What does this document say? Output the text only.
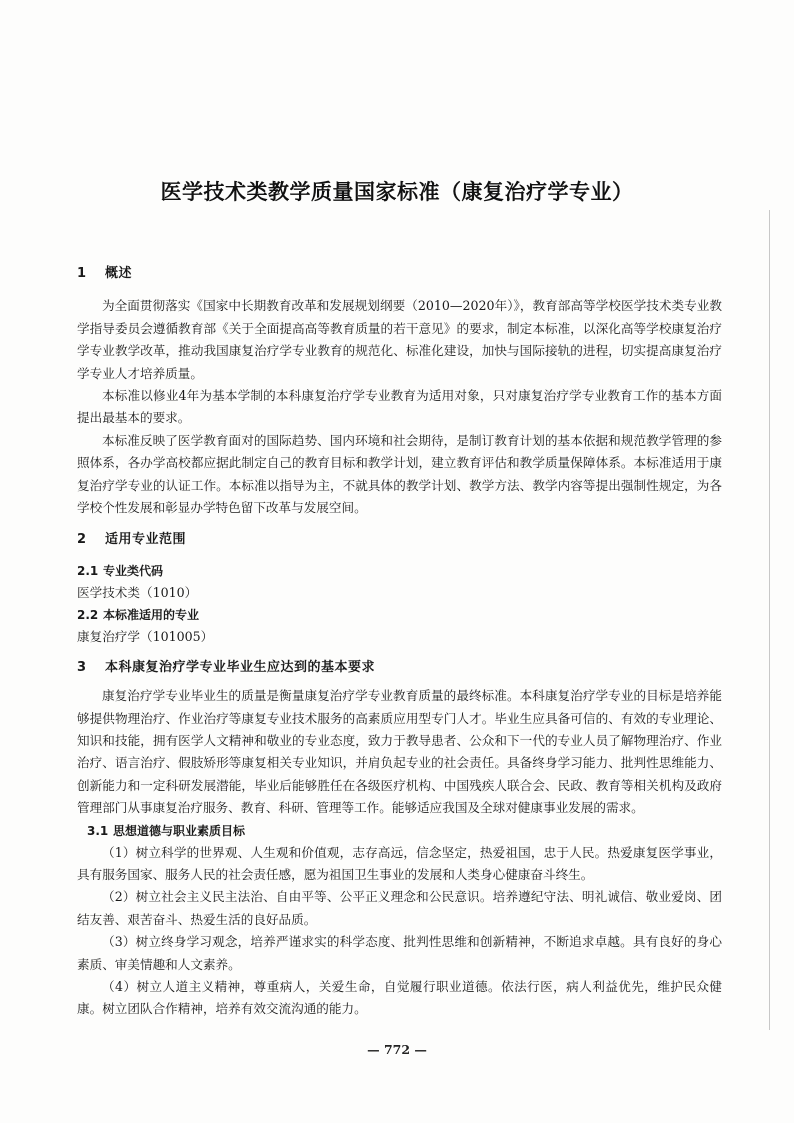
医学技术类教学质量国家标准（康复治疗学专业）
1 概述

为全面贯彻落实《国家中长期教育改革和发展规划纲要（2010—2020年）》，教育部高等学校医学技术类专业教学指导委员会遵循教育部《关于全面提高高等教育质量的若干意见》的要求，制定本标准，以深化高等学校康复治疗学专业教学改革，推动我国康复治疗学专业教育的规范化、标准化建设，加快与国际接轨的进程，切实提高康复治疗学专业人才培养质量。

本标准以修业4年为基本学制的本科康复治疗学专业教育为适用对象，只对康复治疗学专业教育工作的基本方面提出最基本的要求。

本标准反映了医学教育面对的国际趋势、国内环境和社会期待，是制订教育计划的基本依据和规范教学管理的参照体系，各办学高校都应据此制定自己的教育目标和教学计划，建立教育评估和教学质量保障体系。本标准适用于康复治疗学专业的认证工作。本标准以指导为主，不就具体的教学计划、教学方法、教学内容等提出强制性规定，为各学校个性发展和彰显办学特色留下改革与发展空间。

2 适用专业范围
2.1 专业类代码

医学技术类（1010）

2.2 本标准适用的专业

康复治疗学（101005）

3 本科康复治疗学专业毕业生应达到的基本要求

康复治疗学专业毕业生的质量是衡量康复治疗学专业教育质量的最终标准。本科康复治疗学专业的目标是培养能够提供物理治疗、作业治疗等康复专业技术服务的高素质应用型专门人才。毕业生应具备可信的、有效的专业理论、知识和技能，拥有医学人文精神和敬业的专业态度，致力于教导患者、公众和下一代的专业人员了解物理治疗、作业治疗、语言治疗、假肢矫形等康复相关专业知识，并肩负起专业的社会责任。具备终身学习能力、批判性思维能力、创新能力和一定科研发展潜能，毕业后能够胜任在各级医疗机构、中国残疾人联合会、民政、教育等相关机构及政府管理部门从事康复治疗服务、教育、科研、管理等工作。能够适应我国及全球对健康事业发展的需求。

3.1 思想道德与职业素质目标

（1）树立科学的世界观、人生观和价值观，志存高远，信念坚定，热爱祖国，忠于人民。热爱康复医学事业，具有服务国家、服务人民的社会责任感，愿为祖国卫生事业的发展和人类身心健康奋斗终生。

（2）树立社会主义民主法治、自由平等、公平正义理念和公民意识。培养遵纪守法、明礼诚信、敬业爱岗、团结友善、艰苦奋斗、热爱生活的良好品质。

（3）树立终身学习观念，培养严谨求实的科学态度、批判性思维和创新精神，不断追求卓越。具有良好的身心素质、审美情趣和人文素养。

（4）树立人道主义精神，尊重病人，关爱生命，自觉履行职业道德。依法行医，病人利益优先，维护民众健康。树立团队合作精神，培养有效交流沟通的能力。

— 772 —
